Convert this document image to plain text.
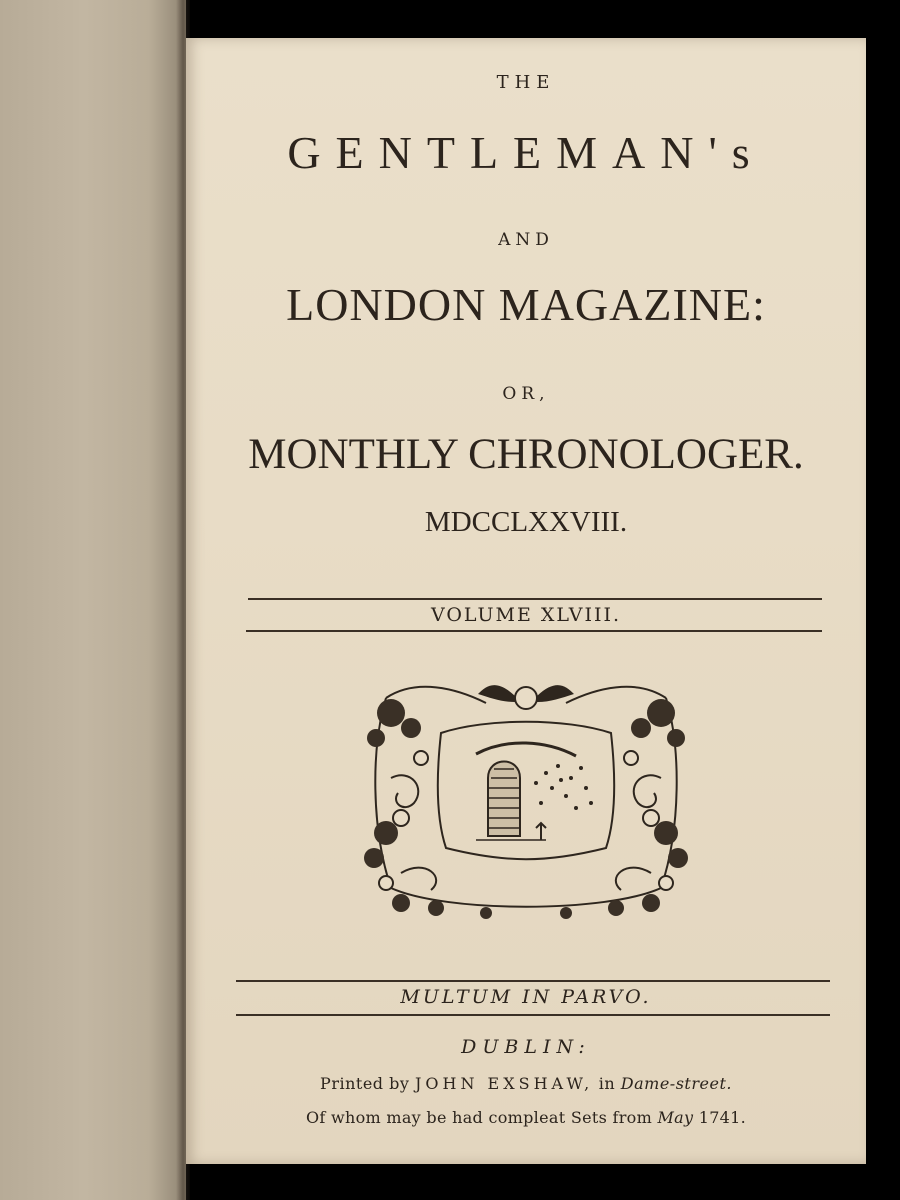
THE
GENTLEMAN's
AND
LONDON MAGAZINE:
OR,
MONTHLY CHRONOLOGER.
MDCCLXXVIII.
VOLUME XLVIII.
MULTUM IN PARVO.
DUBLIN:
Printed by JOHN EXSHAW, in Dame-street.
Of whom may be had compleat Sets from May 1741.
